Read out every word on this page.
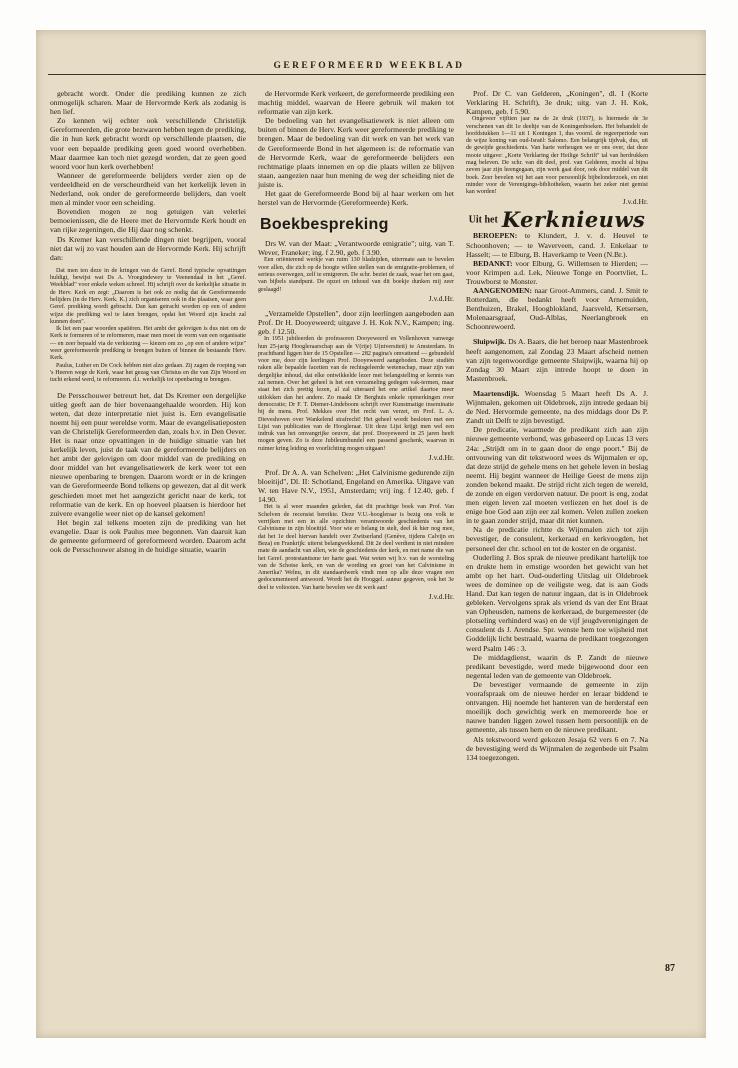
GEREFORMEERD WEEKBLAD

gebracht wordt. Onder die prediking kunnen ze zich onmogelijk scharen. Maar de Hervormde Kerk als zodanig is hen lief.

Zo kennen wij echter ook verschillende Christelijk Gereformeerden, die grote bezwaren hebben tegen de prediking, die in hun kerk gebracht wordt op verschillende plaatsen, die voor een bepaalde prediking geen goed woord overhebben. Maar daarmee kan toch niet gezegd worden, dat ze geen goed woord voor hun kerk overhebben!

Wanneer de gereformeerde belijders verder zien op de verdeeldheid en de verscheurdheid van het kerkelijk leven in Nederland, ook onder de gereformeerde belijders, dan voelt men al minder voor een scheiding.

Bovendien mogen ze nog getuigen van velerlei bemoeienissen, die de Heere met de Hervormde Kerk houdt en van rijke zegeningen, die Hij daar nog schenkt.

Ds Kremer kan verschillende dingen niet begrijpen, vooral niet dat wij zo vast houden aan de Hervormde Kerk. Hij schrijft dan:

Dat men ten deze in de kringen van de Geref. Bond typische opvattingen huldigt, bewijst wat Ds A. Vroegindewey te Veenendaal in het „Geref. Weekblad" voor enkele weken schreef. Hij schrijft over de kerkelijke situatie in de Herv. Kerk en zegt: „Daarom is het ook zo nodig dat de Gereformeerde belijders (in de Herv. Kerk. K.) zich organiseren ook in die plaatsen, waar geen Geref. prediking wordt gebracht. Dan kan getracht worden op een of andere wijze die prediking wel te laten brengen, opdat het Woord zijn kracht zal kunnen doen".

Ik liet een paar woorden spatiëren. Het ambt der gelovigen is dus niet om de Kerk te formeren of te reformeren, maar men moet de vorm van een organisatie — en zeer bepaald via de verkiezing — kiezen om zo „op een of andere wijze" weer gereformeerde prediking te brengen buiten of binnen de bestaande Herv. Kerk.

Paulus, Luther en De Cock hebben niet alzo gedaan. Zij zagen de roeping van 's Heeren wege de Kerk, waar het gezag van Christus en die van Zijn Woord en tucht erkend werd, te reformeren. d.i. werkelijk tot openbaring te brengen.

De Persschouwer betreurt het, dat Ds Kremer een dergelijke uitleg geeft aan de hier bovenaangehaalde woorden. Hij kon weten, dat deze interpretatie niet juist is. Een evangelisatie noemt hij een puur wereldse vorm. Maar de evangelisatieposten van de Christelijk Gereformeerden dan, zoals b.v. in Den Oever. Het is naar onze opvattingen in de huidige situatie van het kerkelijk leven, juist de taak van de gereformeerde belijders en het ambt der gelovigen om door middel van de prediking en door middel van het evangelisatiewerk de kerk weer tot een nieuwe openbaring te brengen. Daarom wordt er in de kringen van de Gereformeerde Bond telkens op gewezen, dat al dit werk geschieden moet met het aangezicht gericht naar de kerk, tot reformatie van de kerk. En op hoeveel plaatsen is hierdoor het zuivere evangelie weer niet op de kansel gekomen!

Het begin zal telkens moeten zijn de prediking van het evangelie. Daar is ook Paulus mee begonnen. Van daaruit kan de gemeente geformeerd of gereformeerd worden. Daarom acht ook de Persschouwer alsnog in de huidige situatie, waarin

de Hervormde Kerk verkeert, de gereformeerde prediking een machtig middel, waarvan de Heere gebruik wil maken tot reformatie van zijn kerk.

De bedoeling van het evangelisatiewerk is niet alleen om buiten of binnen de Herv. Kerk weer gereformeerde prediking te brengen. Maar de bedoeling van dit werk en van het werk van de Gereformeerde Bond in het algemeen is: de reformatie van de Hervormde Kerk, waar de gereformeerde belijders een rechtmatige plaats innemen en op die plaats willen ze blijven staan, aangezien naar hun mening de weg der scheiding niet de juiste is.

Het gaat de Gereformeerde Bond bij al haar werken om het herstel van de Hervormde (Gereformeerde) Kerk.

Boekbespreking

Drs W. van der Maat: „Verantwoorde emigratie"; uitg. van T. Wever, Franeker; ing. f 2.90, geb. f 3.90.

Een oriënterend werkje van ruim 130 bladzijden, uitermate aan te bevelen voor allen, die zich op de hoogte willen stellen van de emigratie-problemen, of serieus overwegen, zelf te emigreren. De schr. beziet de zaak, waar het om gaat, van bijbels standpunt. De opzet en inhoud van dit boekje dunken mij zeer geslaagd!

J.v.d.Hr.

„Verzamelde Opstellen", door zijn leerlingen aangeboden aan Prof. Dr H. Dooyeweerd; uitgave J. H. Kok N.V., Kampen; ing. geb. f 12.50.

In 1951 jubileerden de professoren Dooyeweerd en Vollenhoven vanwege hun 25-jarig Hoogleraarschap aan de V(rije) U(niversiteit) te Amsterdam. In prachtband liggen hier de 15 Opstellen — 282 pagina's omvattend — gebundeld voor me, door zijn leerlingen Prof. Dooyeweerd aangeboden. Deze studiën raken alle bepaalde facetten van de rechtsgeleerde wetenschap, maar zijn van dergelijke inhoud, dat elke ontwikkelde lezer met belangstelling er kennis van zal nemen. Over het geheel is het een verzameling gedegen vak-termen, maar staat het zich prettig lezen, al zal uiteraard het ene artikel daartoe meer uitlokken dan het andere. Zo maakt Dr Berghuis enkele opmerkingen over democratie; Dr F. T. Diemer-Lindeboom schrijft over Kunstmatige inseminatie bij de mens. Prof. Mekkes over Het recht van verzet, en Prof. L. A. Dieveshoven over Wankelend strafrecht! Het geheel wordt besloten met een Lijst van publicaties van de Hoogleraar. Uit deze Lijst krijgt men wel een indruk van het omvangrijke oeuvre, dat prof. Dooyeweerd in 25 jaren heeft mogen geven. Zo is deze Jubileumbundel een passend geschenk, waarvan in ruimer kring leiding en voorlichting mogen uitgaan!

J.v.d.Hr.

Prof. Dr A. A. van Schelven: „Het Calvinisme gedurende zijn bloeitijd", Dl. II: Schotland, Engeland en Amerika. Uitgave van W. ten Have N.V., 1951, Amsterdam; vrij ing. f 12.40, geb. f 14.90.

Het is al weer maanden geleden, dat dit prachtige boek van Prof. Van Schelven de recensist bereikte. Deze V.U.-hoogleraar is bezig ons volk te verrijken met een in alle opzichten verantwoorde geschiedenis van het Calvinisme in zijn bloeitijd. Voor wie er belang in stelt, deel ik hier nog mee, dat het 1e deel hiervan handelt over Zwitserland (Genève, tijdens Calvijn en Beza) en Frankrijk: uiterst belangwekkend. Dit 2e deel verdient in niet mindere mate de aandacht van allen, wie de geschiedenis der kerk, en met name die van het Geref. protestantisme ter harte gaat. Wat weten wij b.v. van de worsteling van de Schotse kerk, en van de wording en groei van het Calvinisme in Amerika? Welnu, in dit standaardwerk vindt men op alle deze vragen een gedocumenteerd antwoord. Wordt het de Hooggel. auteur gegeven, ook het 3e deel te voltooien. Van harte bevelen we dit werk aan!

J.v.d.Hr.

Prof. Dr C. van Gelderen, „Koningen", dl. I (Korte Verklaring H. Schrift), 3e druk; uitg. van J. H. Kok, Kampen, geb. f 5.90.

Ongeveer vijftien jaar na de 2e druk (1937), is hiermede de 3e verschenen van dit 1e deeltje van de Koningenboeken. Het behandelt de hoofdstukken 1—11 uit 1 Koningen 1, dus voornl. de regeerperiode van de wijze koning van oud-Israël: Salomo. Een belangrijk tijdvak, dus, uit de gewijde geschiedenis. Van harte verheugen we er ons over, dat deze mooie uitgave: „Korte Verklaring der Heilige Schrift" tal van herdrukken mag beleven. De schr. van dit deel, prof. van Gelderen, mocht al bijna zeven jaar zijn heengegaan, zijn werk gaat door, ook door middel van dit boek. Zeer bevelen wij het aan voor persoonlijk bijbelonderzoek, en niet minder voor de Verenigings-bibliotheken, waarin het zeker niet gemist kan worden!

J.v.d.Hr.

Uit het Kerknieuws

BEROEPEN: te Klundert, J. v. d. Heuvel te Schoonhoven; — te Waverveen, cand. J. Enkelaar te Hasselt; — te Elburg, B. Haverkamp te Veen (N.Br.).

BEDANKT: voor Elburg, G. Willemsen te Hierden; — voor Krimpen a.d. Lek, Nieuwe Tonge en Poortvliet, L. Trouwborst te Monster.

AANGENOMEN: naar Groot-Ammers, cand. J. Smit te Rotterdam, die bedankt heeft voor Arnemuiden, Benthuizen, Brakel, Hoogblokland, Jaarsveld, Ketsersen, Molenaarsgraaf, Oud-Alblas, Neerlangbroek en Schoonrewoerd.

Sluipwijk. Ds A. Baars, die het beroep naar Mastenbroek heeft aangenomen, zal Zondag 23 Maart afscheid nemen van zijn tegenwoordige gemeente Sluipwijk, waarna hij op Zondag 30 Maart zijn intrede hoopt te doen in Mastenbroek.

Maartensdijk. Woensdag 5 Maart heeft Ds A. J. Wijnmalen, gekomen uit Oldebroek, zijn intrede gedaan bij de Ned. Hervormde gemeente, na des middags door Ds P. Zandt uit Delft te zijn bevestigd.

De predicatie, waarmede de predikant zich aan zijn nieuwe gemeente verbond, was gebaseerd op Lucas 13 vers 24a: „Strijdt om in te gaan door de enge poort." Bij de ontvouwing van dit tekstwoord wees ds Wijnmalen er op, dat deze strijd de gehele mens en het gehele leven in beslag neemt. Hij begint wanneer de Heilige Geest de mens zijn zonden bekend maakt. De strijd richt zich tegen de wereld, de zonde en eigen verdorven natuur. De poort is eng, zodat men eigen leven zal moeten verliezen en het doel is de enige hoe God aan zijn eer zal komen. Velen zullen zoeken in te gaan zonder strijd, maar dit niet kunnen.

Na de predicatie richtte ds Wijnmalen zich tot zijn bevestiger, de consulent, kerkeraad en kerkvoogden, het personeel der chr. school en tot de koster en de organist.

Ouderling J. Bos sprak de nieuwe predikant hartelijk toe en drukte hem in ernstige woorden het gewicht van het ambt op het hart. Oud-ouderling Uitslag uit Oldebroek wees de dominee op de veiligste weg, dat is aan Gods Hand. Dat kan tegen de natuur ingaan, dat is in Oldebroek gebleken. Vervolgens sprak als vriend ds van der Ent Braat van Opheusden, namens de kerkeraad, de burgemeester (de plotseling verhinderd was) en de vijf jeugdverenigingen de consulent ds J. Arendse. Spr. wenste hem toe wijsheid met Goddelijk licht bestraald, waarna de predikant toegezongen werd Psalm 146 : 3.

De middagdienst, waarin ds P. Zandt de nieuwe predikant bevestigde, werd mede bijgewoond door een negental leden van de gemeente van Oldebroek.

De bevestiger vermaande de gemeente in zijn voorafspraak om de nieuwe herder en leraar biddend te ontvangen. Hij noemde het hanteren van de herderstaf een moeilijk doch gewichtig werk en memoreerde hoe er nauwe banden liggen zowel tussen hem persoonlijk en de gemeente, als tussen hem en de nieuwe predikant.

Als tekstwoord werd gekozen Jesaja 62 vers 6 en 7. Na de bevestiging werd ds Wijnmalen de zegenbede uit Psalm 134 toegezongen.

87
